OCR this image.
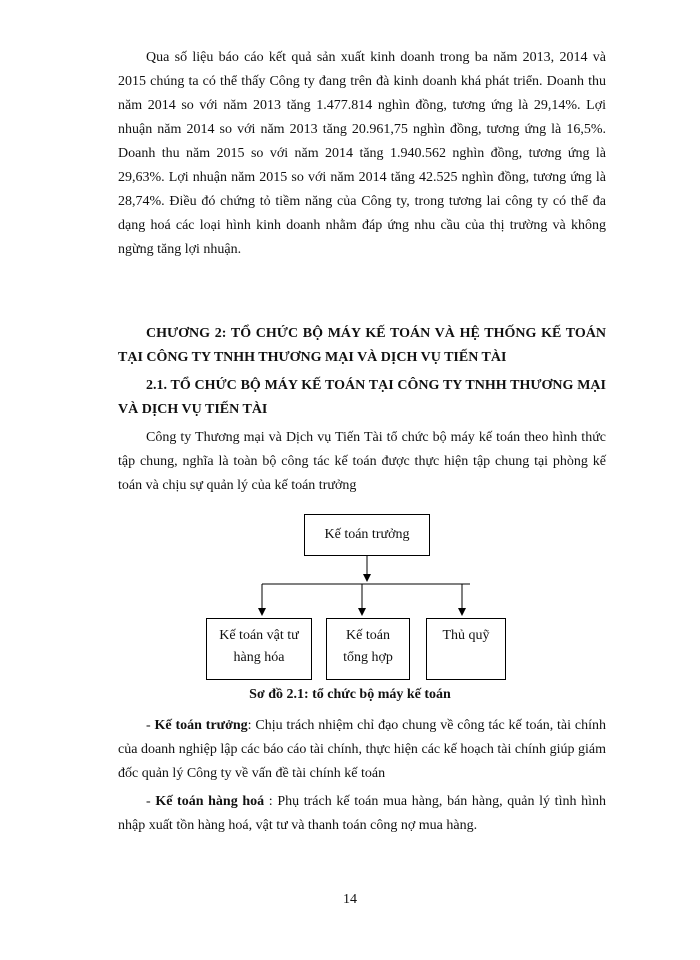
Qua số liệu báo cáo kết quả sản xuất kinh doanh trong ba năm 2013, 2014 và 2015 chúng ta có thể thấy Công ty đang trên đà kinh doanh khá phát triển. Doanh thu năm 2014 so với năm 2013 tăng 1.477.814 nghìn đồng, tương ứng là 29,14%. Lợi nhuận năm 2014 so với năm 2013 tăng 20.961,75 nghìn đồng, tương ứng là 16,5%. Doanh thu năm 2015 so với năm 2014 tăng 1.940.562 nghìn đồng, tương ứng là 29,63%. Lợi nhuận năm 2015 so với năm 2014 tăng 42.525 nghìn đồng, tương ứng là 28,74%. Điều đó chứng tỏ tiềm năng của Công ty, trong tương lai công ty có thể đa dạng hoá các loại hình kinh doanh nhằm đáp ứng nhu cầu của thị trường và không ngừng tăng lợi nhuận.

CHƯƠNG 2: TỔ CHỨC BỘ MÁY KẾ TOÁN VÀ HỆ THỐNG KẾ TOÁN TẠI CÔNG TY TNHH THƯƠNG MẠI VÀ DỊCH VỤ TIẾN TÀI

2.1. TỔ CHỨC BỘ MÁY KẾ TOÁN TẠI CÔNG TY TNHH THƯƠNG MẠI VÀ DỊCH VỤ TIẾN TÀI

Công ty Thương mại và Dịch vụ Tiến Tài tổ chức bộ máy kế toán theo hình thức tập chung, nghĩa là toàn bộ công tác kế toán được thực hiện tập chung tại phòng kế toán và chịu sự quản lý của kế toán trưởng

Kế toán trưởng
Kế toán vật tư
hàng hóa
Kế toán
tổng hợp
Thủ quỹ
Sơ đồ 2.1: tổ chức bộ máy kế toán

- Kế toán trưởng: Chịu trách nhiệm chỉ đạo chung về công tác kế toán, tài chính của doanh nghiệp lập các báo cáo tài chính, thực hiện các kế hoạch tài chính giúp giám đốc quản lý Công ty về vấn đề tài chính kế toán

- Kế toán hàng hoá : Phụ trách kế toán mua hàng, bán hàng, quản lý tình hình nhập xuất tồn hàng hoá, vật tư và thanh toán công nợ mua hàng.

14
